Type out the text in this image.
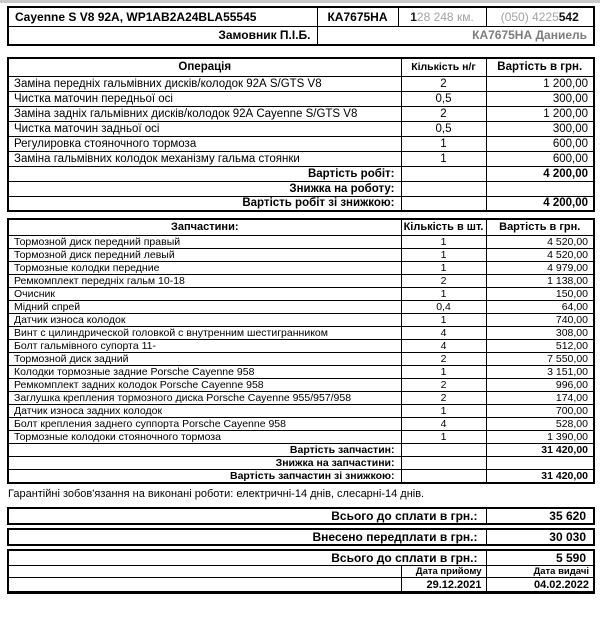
Cayenne S V8 92A, WP1AB2A24BLA55545	КА7675НА	128 248 км.	(050) 4225542
Замовник П.І.Б.	КА7675НА Даниель		
Операція	Кількість н/г	Вартість в грн.
Заміна передніх гальмівних дисків/колодок 92А S/GTS V8	2	1 200,00
Чистка маточин передньої осі	0,5	300,00
Заміна задніх гальмівних дисків/колодок 92А Cayenne S/GTS V8	2	1 200,00
Чистка маточин задньої осі	0,5	300,00
Регулировка стояночного тормоза	1	600,00
Заміна гальмівних колодок механізму гальма стоянки	1	600,00
Вартість робіт:		4 200,00
Знижка на роботу:		
Вартість робіт зі знижкою:		4 200,00
Запчастини:	Кількість в шт.	Вартість в грн.
Тормозной диск передний правый	1	4 520,00
Тормозной диск передний левый	1	4 520,00
Тормозные колодки передние	1	4 979,00
Ремкомплект передніх гальм 10-18	2	1 138,00
Очисник	1	150,00
Мідний спрей	0,4	64,00
Датчик износа колодок	1	740,00
Винт с цилиндрической головкой с внутренним шестигранником	4	308,00
Болт гальмівного супорта 11-	4	512,00
Тормозной диск задний	2	7 550,00
Колодки тормозные задние Porsche Cayenne 958	1	3 151,00
Ремкомплект задних колодок Porsche Cayenne 958	2	996,00
Заглушка крепления тормозного диска Porsche Cayenne 955/957/958	2	174,00
Датчик износа задних колодок	1	700,00
Болт крепления заднего суппорта Porsche Cayenne 958	4	528,00
Тормозные колодоки стояночного тормоза	1	1 390,00
Вартість запчастин:		31 420,00
Знижка на запчастини:		
Вартість запчастин зі знижкою:		31 420,00
Гарантійні зобов'язання на виконані роботи: електричні-14 днів, слесарні-14 днів.
Всього до сплати в грн.:	35 620
Внесено передплати в грн.:	30 030
Всього до сплати в грн.:		5 590
	Дата прийому	Дата видачі
	29.12.2021	04.02.2022
